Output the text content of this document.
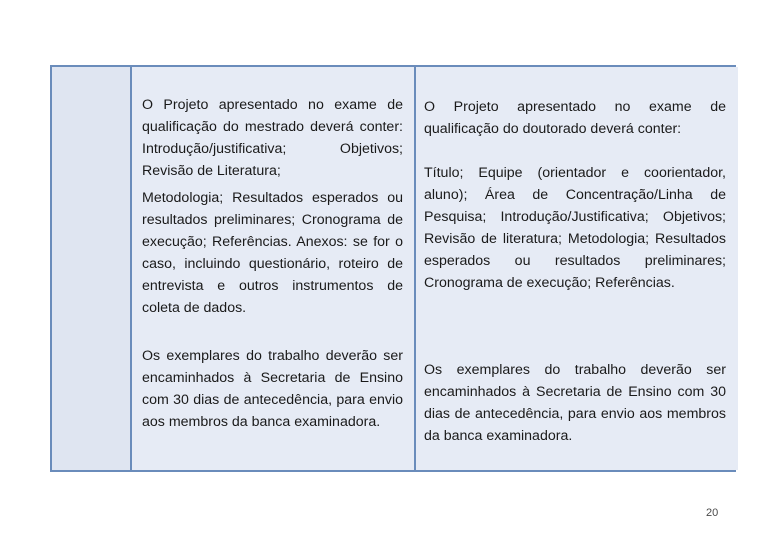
O Projeto apresentado no exame de qualificação do mestrado deverá conter: Introdução/justificativa; Objetivos; Revisão de Literatura;

Metodologia; Resultados esperados ou resultados preliminares; Cronograma de execução; Referências. Anexos: se for o caso, incluindo questionário, roteiro de entrevista e outros instrumentos de coleta de dados.

Os exemplares do trabalho deverão ser encaminhados à Secretaria de Ensino com 30 dias de antecedência, para envio aos membros da banca examinadora.

O Projeto apresentado no exame de qualificação do doutorado deverá conter:

Título; Equipe (orientador e coorientador, aluno); Área de Concentração/Linha de Pesquisa; Introdução/Justificativa; Objetivos; Revisão de literatura; Metodologia; Resultados esperados ou resultados preliminares; Cronograma de execução; Referências.

Os exemplares do trabalho deverão ser encaminhados à Secretaria de Ensino com 30 dias de antecedência, para envio aos membros da banca examinadora.

20
